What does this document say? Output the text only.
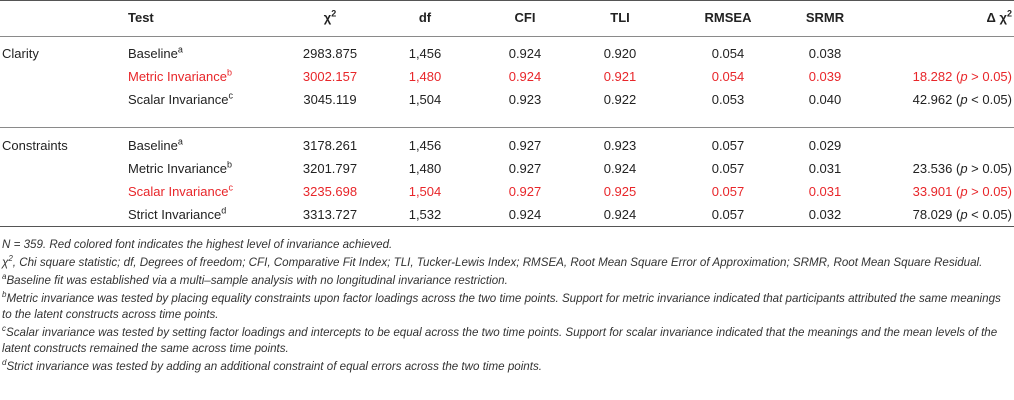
Test	$\chi^2$	df	CFI	TLI	RMSEA	SRMR	Δ $\chi^2$
Clarity	Baseline$^a$	2983.875	1,456	0.924	0.920	0.054	0.038
Metric Invariance$^b$	3002.157	1,480	0.924	0.921	0.054	0.039	18.282 (p > 0.05)
Scalar Invariance$^c$	3045.119	1,504	0.923	0.922	0.053	0.040	42.962 (p < 0.05)
Constraints	Baseline$^a$	3178.261	1,456	0.927	0.923	0.057	0.029
Metric Invariance$^b$	3201.797	1,480	0.927	0.924	0.057	0.031	23.536 (p > 0.05)
Scalar Invariance$^c$	3235.698	1,504	0.927	0.925	0.057	0.031	33.901 (p > 0.05)
Strict Invariance$^d$	3313.727	1,532	0.924	0.924	0.057	0.032	78.029 (p < 0.05)

N = 359. Red colored font indicates the highest level of invariance achieved.

$\chi^2$, Chi square statistic; df, Degrees of freedom; CFI, Comparative Fit Index; TLI, Tucker-Lewis Index; RMSEA, Root Mean Square Error of Approximation; SRMR, Root Mean Square Residual.

$^a$Baseline fit was established via a multi–sample analysis with no longitudinal invariance restriction.

$^b$Metric invariance was tested by placing equality constraints upon factor loadings across the two time points. Support for metric invariance indicated that participants attributed the same meanings to the latent constructs across time points.

$^c$Scalar invariance was tested by setting factor loadings and intercepts to be equal across the two time points. Support for scalar invariance indicated that the meanings and the mean levels of the latent constructs remained the same across time points.

$^d$Strict invariance was tested by adding an additional constraint of equal errors across the two time points.
